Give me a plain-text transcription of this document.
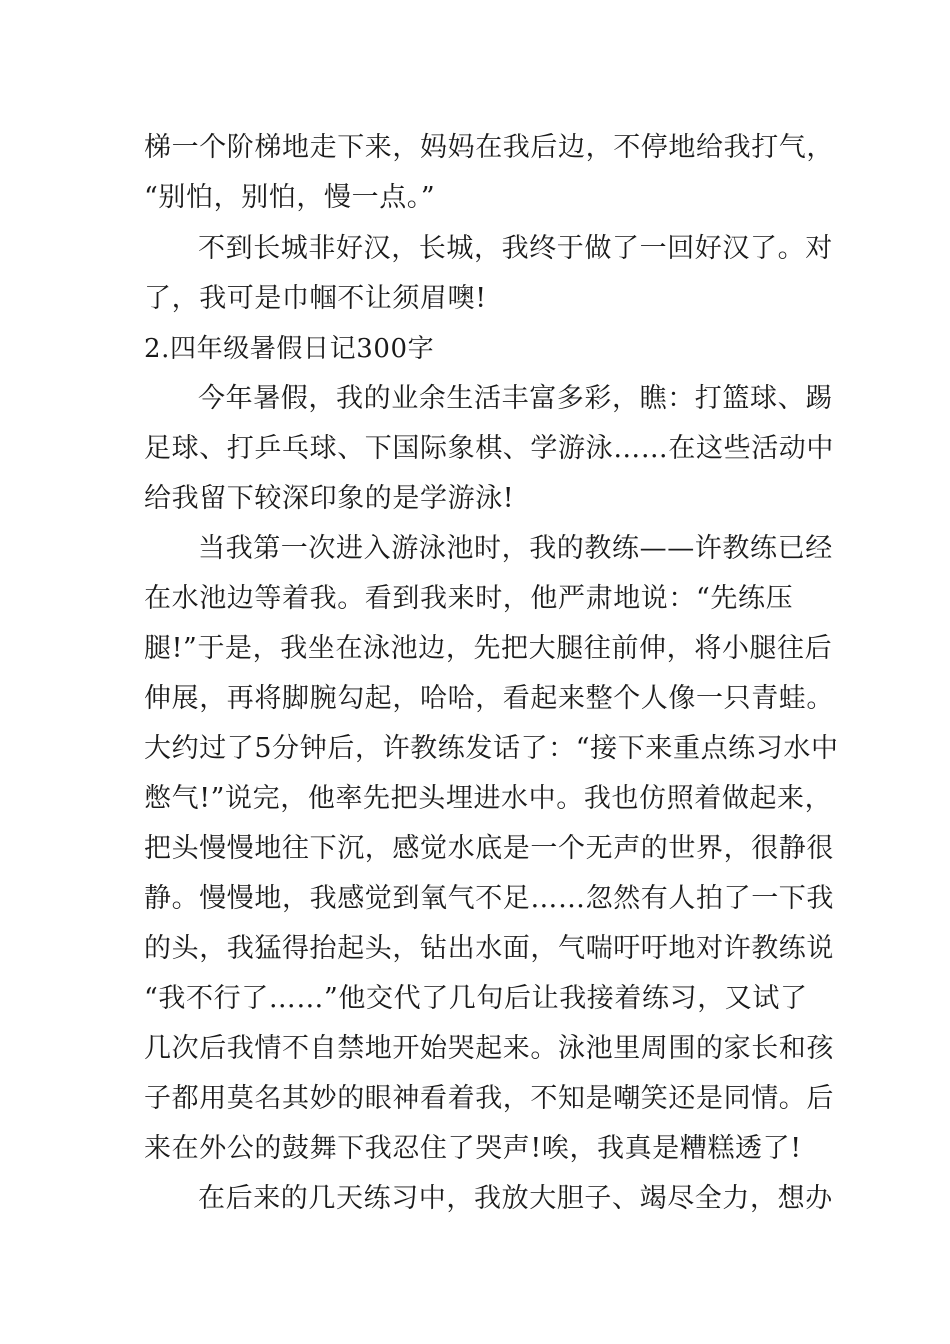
梯一个阶梯地走下来，妈妈在我后边，不停地给我打气，
“别怕，别怕，慢一点。”
不到长城非好汉，长城，我终于做了一回好汉了。对
了，我可是巾帼不让须眉噢!
2.四年级暑假日记300字
今年暑假，我的业余生活丰富多彩，瞧：打篮球、踢
足球、打乒乓球、下国际象棋、学游泳……在这些活动中
给我留下较深印象的是学游泳!
当我第一次进入游泳池时，我的教练——许教练已经
在水池边等着我。看到我来时，他严肃地说：“先练压
腿!”于是，我坐在泳池边，先把大腿往前伸，将小腿往后
伸展，再将脚腕勾起，哈哈，看起来整个人像一只青蛙。
大约过了5分钟后，许教练发话了：“接下来重点练习水中
憋气!”说完，他率先把头埋进水中。我也仿照着做起来，
把头慢慢地往下沉，感觉水底是一个无声的世界，很静很
静。慢慢地，我感觉到氧气不足……忽然有人拍了一下我
的头，我猛得抬起头，钻出水面，气喘吁吁地对许教练说
“我不行了……”他交代了几句后让我接着练习，又试了
几次后我情不自禁地开始哭起来。泳池里周围的家长和孩
子都用莫名其妙的眼神看着我，不知是嘲笑还是同情。后
来在外公的鼓舞下我忍住了哭声!唉，我真是糟糕透了!
在后来的几天练习中，我放大胆子、竭尽全力，想办
